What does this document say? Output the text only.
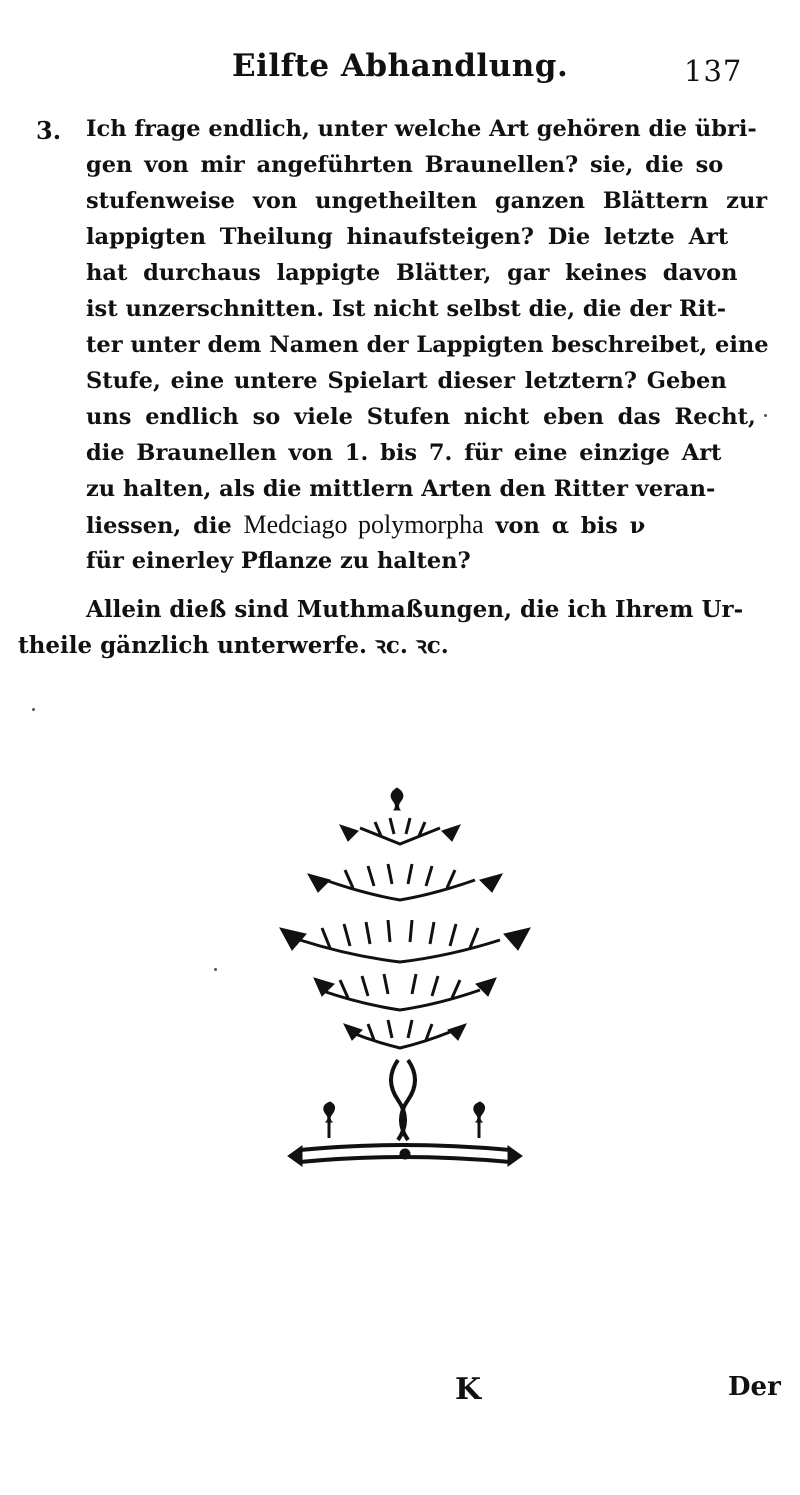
Eilfte Abhandlung.	137
3. Ich frage endlich, unter welche Art gehören die übri-
gen von mir angeführten Braunellen? sie, die so
stufenweise von ungetheilten ganzen Blättern zur
lappigten Theilung hinaufsteigen? Die letzte Art
hat durchaus lappigte Blätter, gar keines davon
ist unzerschnitten. Ist nicht selbst die, die der Rit-
ter unter dem Namen der Lappigten beschreibet, eine
Stufe, eine untere Spielart dieser letztern? Geben
uns endlich so viele Stufen nicht eben das Recht,
die Braunellen von 1. bis 7. für eine einzige Art
zu halten, als die mittlern Arten den Ritter veran-
liessen, die Medciago polymorpha von α bis ν
für einerley Pflanze zu halten?
Allein dieß sind Muthmaßungen, die ich Ihrem Ur-
theile gänzlich unterwerfe. ꝛc. ꝛc.
K	Der
